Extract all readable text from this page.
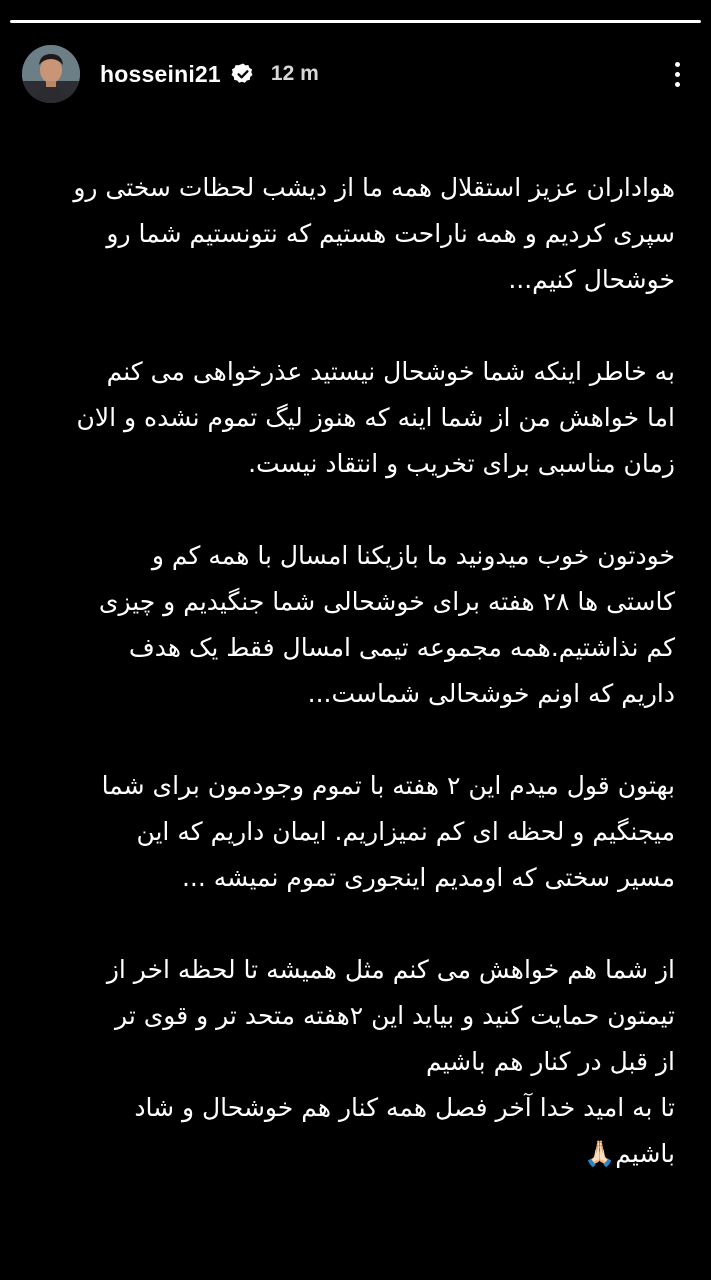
hosseini21 12 m

هواداران عزیز استقلال همه ما از دیشب لحظات سختی رو
سپری کردیم و همه ناراحت هستیم که نتونستیم شما رو
خوشحال کنیم...

به خاطر اینکه شما خوشحال نیستید عذرخواهی می کنم
اما خواهش من از شما اینه که هنوز لیگ تموم نشده و الان
زمان مناسبی برای تخریب و انتقاد نیست.

خودتون خوب میدونید ما بازیکنا امسال با همه کم و
کاستی ها ۲۸ هفته برای خوشحالی شما جنگیدیم و چیزی
کم نذاشتیم.همه مجموعه تیمی امسال فقط یک هدف
داریم که اونم خوشحالی شماست...

بهتون قول میدم این ۲ هفته با تموم وجودمون برای شما
میجنگیم و لحظه ای کم نمیزاریم. ایمان داریم که این
مسیر سختی که اومدیم اینجوری تموم نمیشه ...

از شما هم خواهش می کنم مثل همیشه تا لحظه اخر از
تیمتون حمایت کنید و بیاید این ۲هفته متحد تر و قوی تر
از قبل در کنار هم باشیم
تا به امید خدا آخر فصل همه کنار هم خوشحال و شاد
باشیم🙏🏻
